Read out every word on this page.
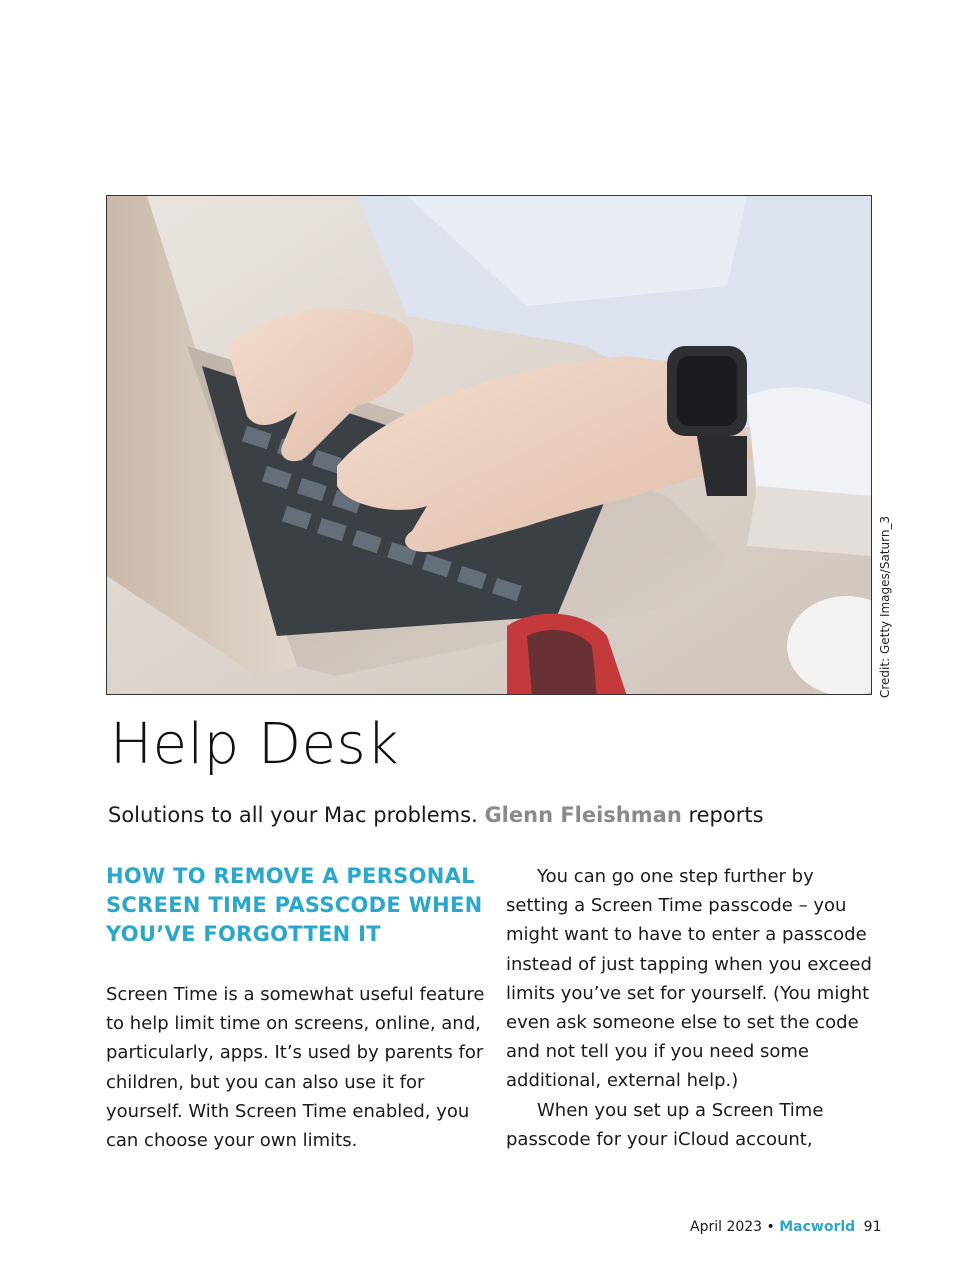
Credit: Getty Images/Saturn_3
Help Desk
Solutions to all your Mac problems. Glenn Fleishman reports
HOW TO REMOVE A PERSONAL SCREEN TIME PASSCODE WHEN YOU’VE FORGOTTEN IT

Screen Time is a somewhat useful feature to help limit time on screens, online, and, particularly, apps. It’s used by parents for children, but you can also use it for yourself. With Screen Time enabled, you can choose your own limits.

You can go one step further by setting a Screen Time passcode – you might want to have to enter a passcode instead of just tapping when you exceed limits you’ve set for yourself. (You might even ask someone else to set the code and not tell you if you need some additional, external help.)

When you set up a Screen Time passcode for your iCloud account,

April 2023 • Macworld 91
